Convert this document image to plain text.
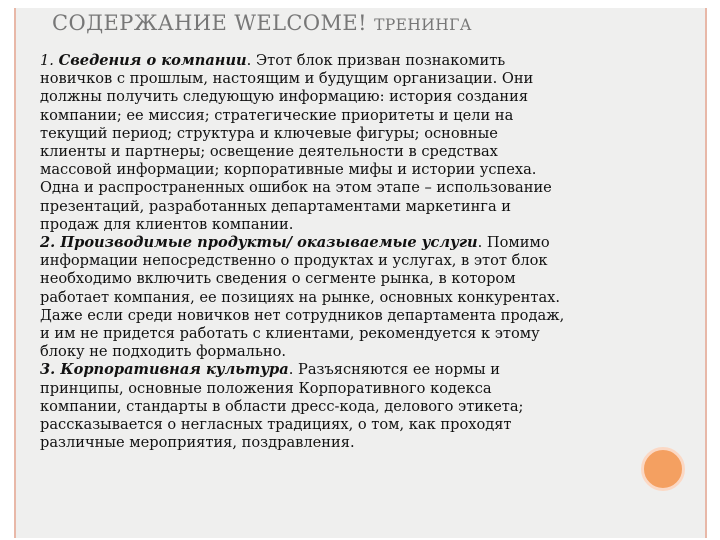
СОДЕРЖАНИЕ WELCOME! ТРЕНИНГА
1. Сведения о компании. Этот блок призван познакомить
новичков с прошлым, настоящим и будущим организации. Они
должны получить следующую информацию: история создания
компании; ее миссия; стратегические приоритеты и цели на
текущий период; структура и ключевые фигуры; основные
клиенты и партнеры; освещение деятельности в средствах
массовой информации; корпоративные мифы и истории успеха.
Одна и распространенных ошибок на этом этапе – использование
презентаций, разработанных департаментами маркетинга и
продаж для клиентов компании.
2. Производимые продукты/ оказываемые услуги. Помимо
информации непосредственно о продуктах и услугах, в этот блок
необходимо включить сведения о сегменте рынка, в котором
работает компания, ее позициях на рынке, основных конкурентах.
Даже если среди новичков нет сотрудников департамента продаж,
и им не придется работать с клиентами, рекомендуется к этому
блоку не подходить формально.
3. Корпоративная культура. Разъясняются ее нормы и
принципы, основные положения Корпоративного кодекса
компании, стандарты в области дресс-кода, делового этикета;
рассказывается о негласных традициях, о том, как проходят
различные мероприятия, поздравления.
